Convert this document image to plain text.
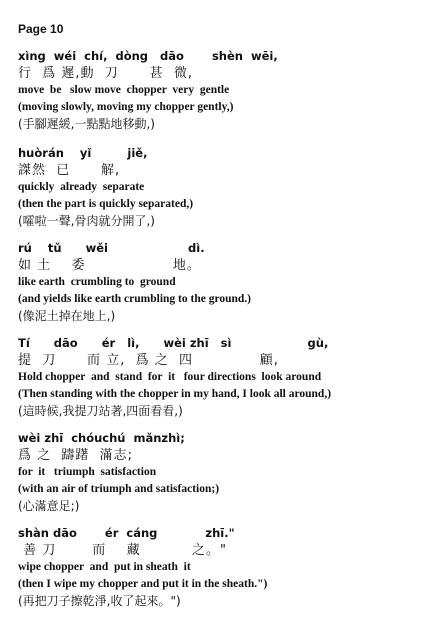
Page 10
xìng  wéi  chí,  dòng   dāo       shèn  wēi,
行  爲 遲,動  刀      甚  微,
move  be   slow move  chopper  very  gentle
(moving slowly, moving my chopper gently,)
(手腳遲緩,一點點地移動,)
huòrán    yǐ         jiě,
謋然  已      解,
quickly  already  separate
(then the part is quickly separated,)
(嚯啦一聲,骨肉就分開了,)
rú    tǔ      wěi                    dì.
如 土    委                 地。
like earth  crumbling to  ground
(and yields like earth crumbling to the ground.)
(像泥土掉在地上,)
Tí      dāo      ér   lì,      wèi zhī   sì                   gù,
提  刀      而 立,  爲 之  四             顧,
Hold chopper  and  stand  for  it   four directions  look around
(Then standing with the chopper in my hand, I look all around,)
(這時候,我提刀站著,四面看看,)
wèi zhī  chóuchú  mǎnzhì;
爲 之  躊躇  滿志;
for  it   triumph  satisfaction
(with an air of triumph and satisfaction;)
(心滿意足;)
shàn dāo       ér  cáng            zhī."
善 刀       而    藏          之。"
wipe chopper  and  put in sheath  it
(then I wipe my chopper and put it in the sheath.")
(再把刀子擦乾淨,收了起來。")
